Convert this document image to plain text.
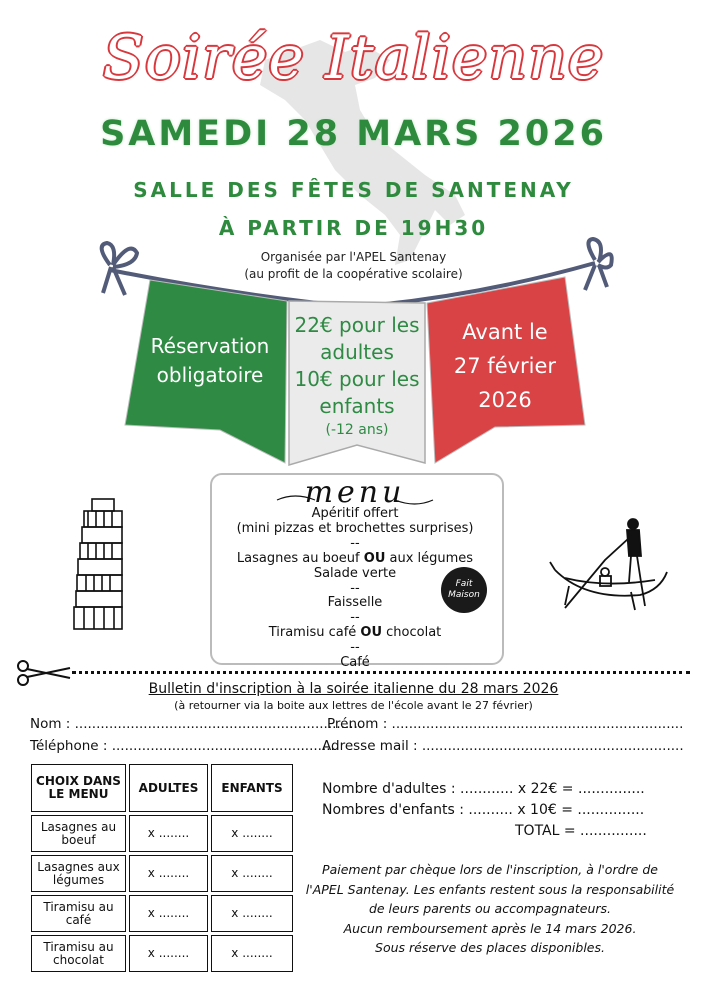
Soirée Italienne
SAMEDI 28 MARS 2026
SALLE DES FÊTES DE SANTENAY
À PARTIR DE 19H30
Organisée par l'APEL Santenay
(au profit de la coopérative scolaire)
Réservation
obligatoire
22€ pour les
adultes
10€ pour les
enfants
(-12 ans)
Avant le
27 février
2026
menu
Apéritif offert
(mini pizzas et brochettes surprises)
--
Lasagnes au boeuf OU aux légumes
Salade verte
--
Faisselle
--
Tiramisu café OU chocolat
--
Café
Fait Maison
Bulletin d'inscription à la soirée italienne du 28 mars 2026
(à retourner via la boite aux lettres de l'école avant le 27 février)
Nom : ...................................................................
Prénom : ....................................................................
Téléphone : ....................................................
Adresse mail : .............................................................
CHOIX DANS LE MENU	ADULTES	ENFANTS
Lasagnes au boeuf	x ........	x ........
Lasagnes aux légumes	x ........	x ........
Tiramisu au café	x ........	x ........
Tiramisu au chocolat	x ........	x ........
Nombre d'adultes : ............ x 22€ = ...............
Nombres d'enfants : .......... x 10€ = ...............
TOTAL = ...............
Paiement par chèque lors de l'inscription, à l'ordre de
l'APEL Santenay. Les enfants restent sous la responsabilité
de leurs parents ou accompagnateurs.
Aucun remboursement après le 14 mars 2026.
Sous réserve des places disponibles.
